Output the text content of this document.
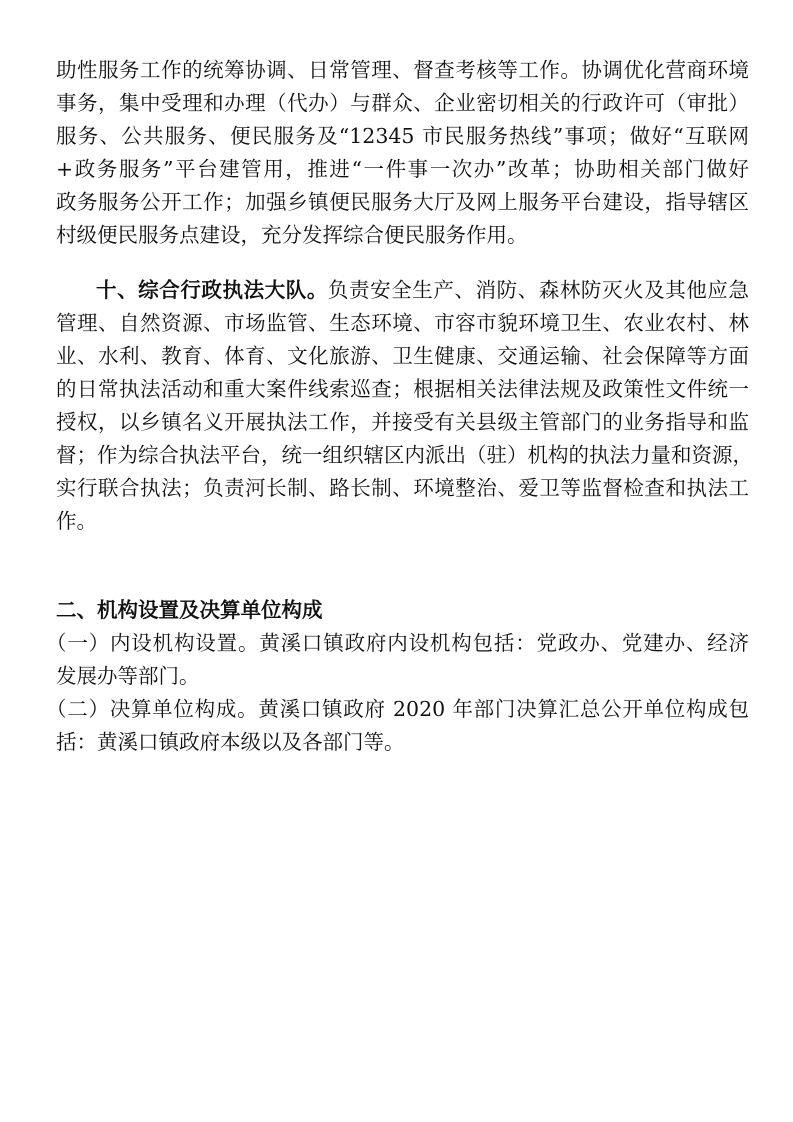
助性服务工作的统筹协调、日常管理、督查考核等工作。协调优化营商环境
事务，集中受理和办理（代办）与群众、企业密切相关的行政许可（审批）
服务、公共服务、便民服务及“12345 市民服务热线”事项；做好“互联网
+政务服务”平台建管用，推进“一件事一次办”改革；协助相关部门做好
政务服务公开工作；加强乡镇便民服务大厅及网上服务平台建设，指导辖区
村级便民服务点建设，充分发挥综合便民服务作用。
十、综合行政执法大队。负责安全生产、消防、森林防灭火及其他应急
管理、自然资源、市场监管、生态环境、市容市貌环境卫生、农业农村、林
业、水利、教育、体育、文化旅游、卫生健康、交通运输、社会保障等方面
的日常执法活动和重大案件线索巡查；根据相关法律法规及政策性文件统一
授权，以乡镇名义开展执法工作，并接受有关县级主管部门的业务指导和监
督；作为综合执法平台，统一组织辖区内派出（驻）机构的执法力量和资源，
实行联合执法；负责河长制、路长制、环境整治、爱卫等监督检查和执法工
作。
二、机构设置及决算单位构成
（一）内设机构设置。黄溪口镇政府内设机构包括：党政办、党建办、经济
发展办等部门。
（二）决算单位构成。黄溪口镇政府 2020 年部门决算汇总公开单位构成包
括：黄溪口镇政府本级以及各部门等。
